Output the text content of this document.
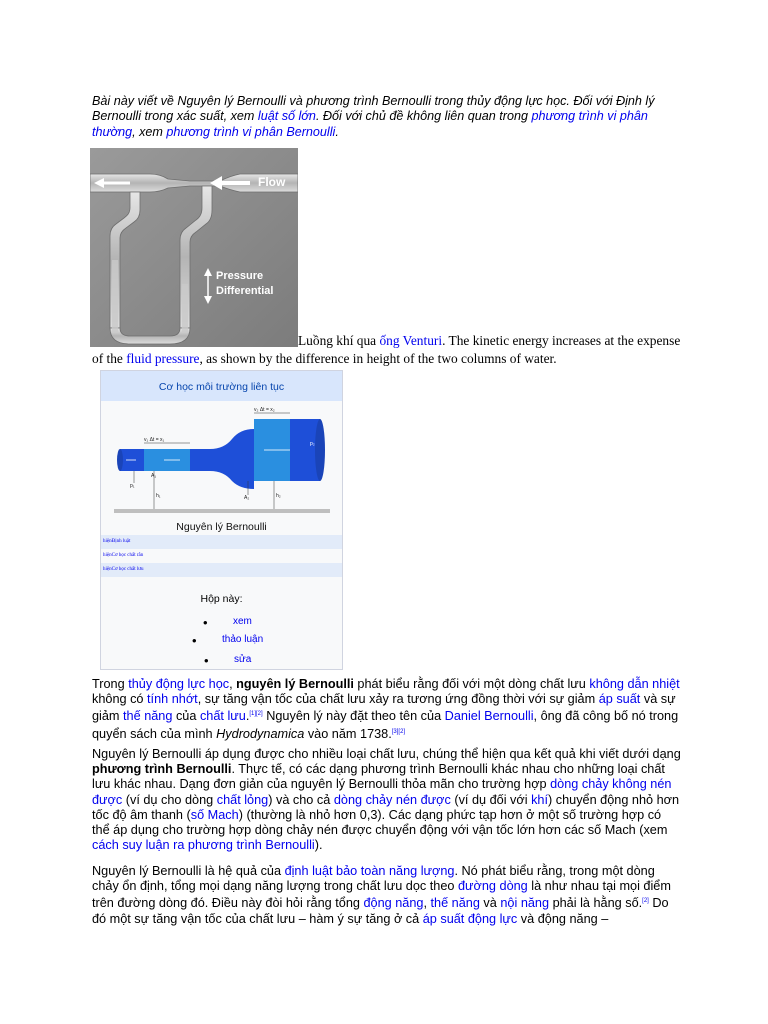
Bài này viết về Nguyên lý Bernoulli và phương trình Bernoulli trong thủy động lực học. Đối với Định lý Bernoulli trong xác suất, xem luật số lớn. Đối với chủ đề không liên quan trong phương trình vi phân thường, xem phương trình vi phân Bernoulli.
Flow
Pressure
Differential
Luồng khí qua ống Venturi. The kinetic energy increases at the expense of the fluid pressure, as shown by the difference in height of the two columns of water.
Cơ học môi trường liên tục
v₂ Δt = x₂
v₁ Δt = x₁
A₁
A₂
h₁	h₂
p₁
p₂
Nguyên lý Bernoulli
hiệnĐịnh luật
hiệnCơ học chất rắn
hiệnCơ học chất lưu
Hộp này:
•	xem
•	thảo luận
•	sửa
Trong thủy động lực học, nguyên lý Bernoulli phát biểu rằng đối với một dòng chất lưu không dẫn nhiệt không có tính nhớt, sự tăng vận tốc của chất lưu xảy ra tương ứng đồng thời với sự giảm áp suất và sự giảm thế năng của chất lưu.[1][2] Nguyên lý này đặt theo tên của Daniel Bernoulli, ông đã công bố nó trong quyển sách của mình Hydrodynamica vào năm 1738.[3][2]
Nguyên lý Bernoulli áp dụng được cho nhiều loại chất lưu, chúng thể hiện qua kết quả khi viết dưới dạng phương trình Bernoulli. Thực tế, có các dạng phương trình Bernoulli khác nhau cho những loại chất lưu khác nhau. Dạng đơn giản của nguyên lý Bernoulli thỏa mãn cho trường hợp dòng chảy không nén được (ví dụ cho dòng chất lỏng) và cho cả dòng chảy nén được (ví dụ đối với khí) chuyển động nhỏ hơn tốc độ âm thanh (số Mach) (thường là nhỏ hơn 0,3). Các dạng phức tạp hơn ở một số trường hợp có thể áp dụng cho trường hợp dòng chảy nén được chuyển động với vận tốc lớn hơn các số Mach (xem cách suy luận ra phương trình Bernoulli).
Nguyên lý Bernoulli là hệ quả của định luật bảo toàn năng lượng. Nó phát biểu rằng, trong một dòng chảy ổn định, tổng mọi dạng năng lượng trong chất lưu dọc theo đường dòng là như nhau tại mọi điểm trên đường dòng đó. Điều này đòi hỏi rằng tổng động năng, thế năng và nội năng phải là hằng số.[2] Do đó một sự tăng vận tốc của chất lưu – hàm ý sự tăng ở cả áp suất động lực và động năng –
